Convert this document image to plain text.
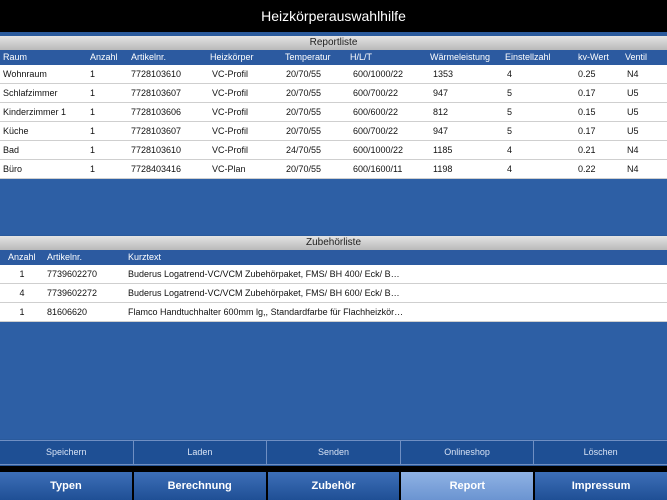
Heizkörperauswahlhilfe
Reportliste
Raum	Anzahl	Artikelnr.	Heizkörper	Temperatur	H/L/T	Wärmeleistung	Einstellzahl	kv-Wert	Ventil
Wohnraum	1	7728103610	VC-Profil	20/70/55	600/1000/22	1353	4	0.25	N4
Schlafzimmer	1	7728103607	VC-Profil	20/70/55	600/700/22	947	5	0.17	U5
Kinderzimmer 1	1	7728103606	VC-Profil	20/70/55	600/600/22	812	5	0.15	U5
Küche	1	7728103607	VC-Profil	20/70/55	600/700/22	947	5	0.17	U5
Bad	1	7728103610	VC-Profil	24/70/55	600/1000/22	1185	4	0.21	N4
Büro	1	7728403416	VC-Plan	20/70/55	600/1600/11	1198	4	0.22	N4
Zubehörliste
Anzahl	Artikelnr.	Kurztext
1	7739602270	Buderus Logatrend-VC/VCM Zubehörpaket, FMS/ BH 400/ Eck/ B…
4	7739602272	Buderus Logatrend-VC/VCM Zubehörpaket, FMS/ BH 600/ Eck/ B…
1	81606620	Flamco Handtuchhalter 600mm lg,, Standardfarbe für Flachheizkör…
Speichern	Laden	Senden	Onlineshop	Löschen
Typen	Berechnung	Zubehör	Report	Impressum
